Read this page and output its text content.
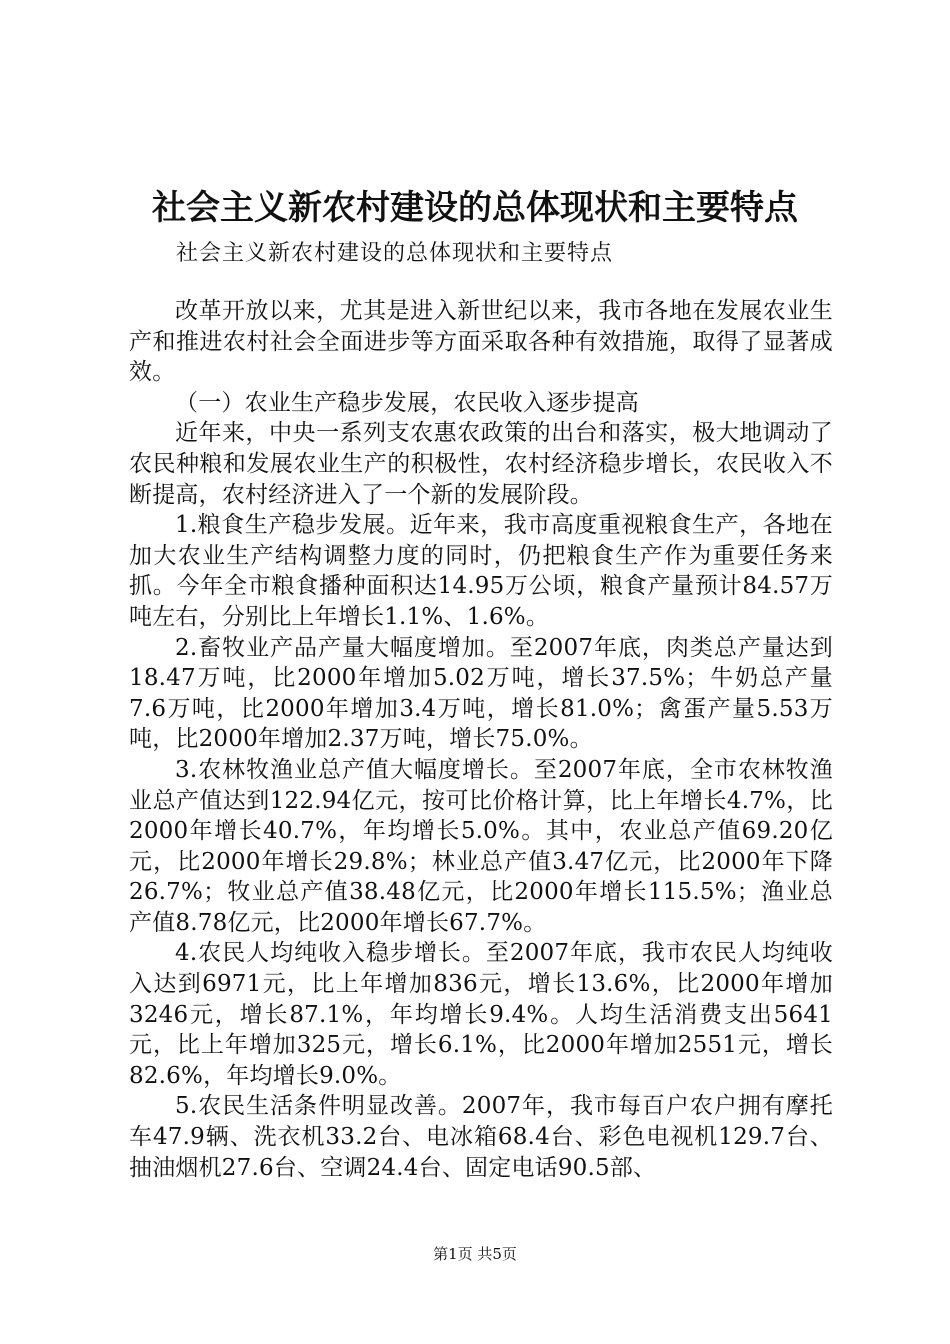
社会主义新农村建设的总体现状和主要特点

社会主义新农村建设的总体现状和主要特点

改革开放以来，尤其是进入新世纪以来，我市各地在发展农业生产和推进农村社会全面进步等方面采取各种有效措施，取得了显著成效。

（一）农业生产稳步发展，农民收入逐步提高

近年来，中央一系列支农惠农政策的出台和落实，极大地调动了农民种粮和发展农业生产的积极性，农村经济稳步增长，农民收入不断提高，农村经济进入了一个新的发展阶段。

1.粮食生产稳步发展。近年来，我市高度重视粮食生产，各地在加大农业生产结构调整力度的同时，仍把粮食生产作为重要任务来抓。今年全市粮食播种面积达14.95万公顷，粮食产量预计84.57万吨左右，分别比上年增长1.1%、1.6%。

2.畜牧业产品产量大幅度增加。至2007年底，肉类总产量达到18.47万吨，比2000年增加5.02万吨，增长37.5%；牛奶总产量7.6万吨，比2000年增加3.4万吨，增长81.0%；禽蛋产量5.53万吨，比2000年增加2.37万吨，增长75.0%。

3.农林牧渔业总产值大幅度增长。至2007年底，全市农林牧渔业总产值达到122.94亿元，按可比价格计算，比上年增长4.7%，比2000年增长40.7%，年均增长5.0%。其中，农业总产值69.20亿元，比2000年增长29.8%；林业总产值3.47亿元，比2000年下降26.7%；牧业总产值38.48亿元，比2000年增长115.5%；渔业总产值8.78亿元，比2000年增长67.7%。

4.农民人均纯收入稳步增长。至2007年底，我市农民人均纯收入达到6971元，比上年增加836元，增长13.6%，比2000年增加3246元，增长87.1%，年均增长9.4%。人均生活消费支出5641元，比上年增加325元，增长6.1%，比2000年增加2551元，增长82.6%，年均增长9.0%。

5.农民生活条件明显改善。2007年，我市每百户农户拥有摩托车47.9辆、洗衣机33.2台、电冰箱68.4台、彩色电视机129.7台、抽油烟机27.6台、空调24.4台、固定电话90.5部、

第1页 共5页
